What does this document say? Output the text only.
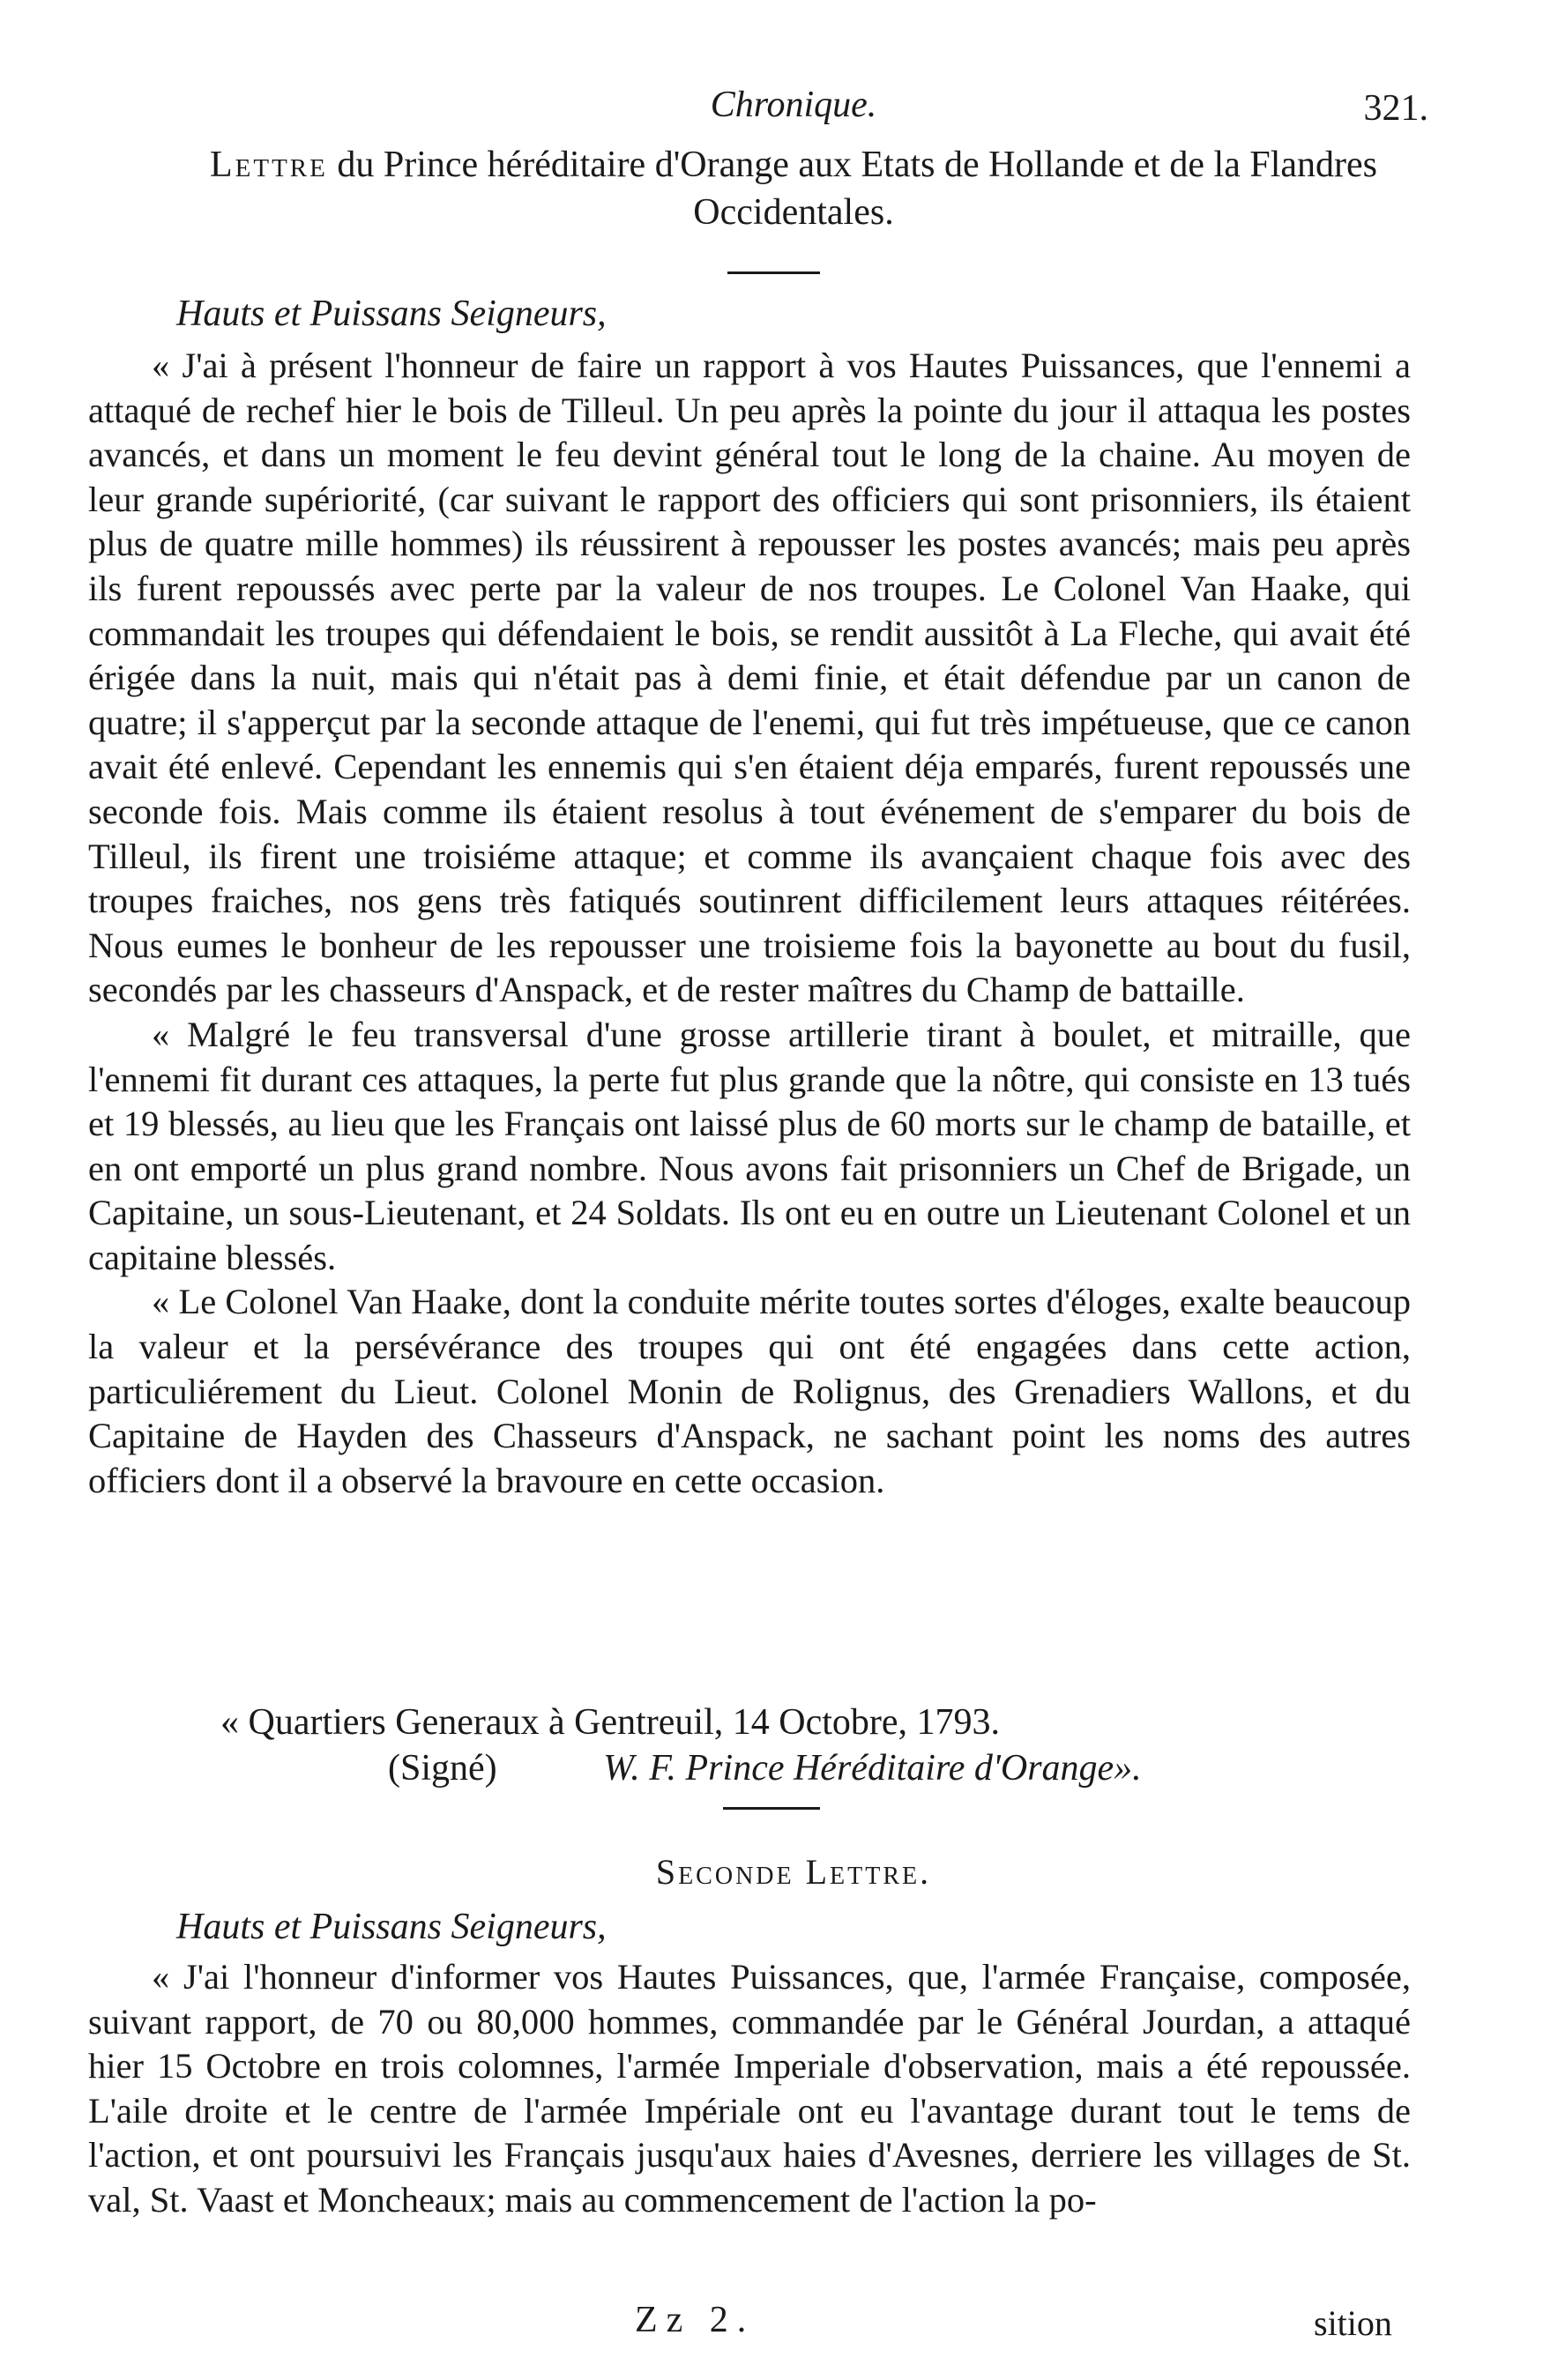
Chronique.	321.
Lettre du Prince héréditaire d'Orange aux Etats de Hollande et de la Flandres Occidentales.
Hauts et Puissans Seigneurs,

« J'ai à présent l'honneur de faire un rapport à vos Hautes Puissances, que l'ennemi a attaqué de rechef hier le bois de Tilleul. Un peu après la pointe du jour il attaqua les postes avancés, et dans un moment le feu devint général tout le long de la chaine. Au moyen de leur grande supériorité, (car suivant le rapport des officiers qui sont prisonniers, ils étaient plus de quatre mille hommes) ils réussirent à repousser les postes avancés; mais peu après ils furent repoussés avec perte par la valeur de nos troupes. Le Colonel Van Haake, qui commandait les troupes qui défendaient le bois, se rendit aussitôt à La Fleche, qui avait été érigée dans la nuit, mais qui n'était pas à demi finie, et était défendue par un canon de quatre; il s'apperçut par la seconde attaque de l'enemi, qui fut très impétueuse, que ce canon avait été enlevé. Cependant les ennemis qui s'en étaient déja emparés, furent repoussés une seconde fois. Mais comme ils étaient resolus à tout événement de s'emparer du bois de Tilleul, ils firent une troisiéme attaque; et comme ils avançaient chaque fois avec des troupes fraiches, nos gens très fatiqués soutinrent difficilement leurs attaques réitérées. Nous eumes le bonheur de les repousser une troisieme fois la bayonette au bout du fusil, secondés par les chasseurs d'Anspack, et de rester maîtres du Champ de battaille.

« Malgré le feu transversal d'une grosse artillerie tirant à boulet, et mitraille, que l'ennemi fit durant ces attaques, la perte fut plus grande que la nôtre, qui consiste en 13 tués et 19 blessés, au lieu que les Français ont laissé plus de 60 morts sur le champ de bataille, et en ont emporté un plus grand nombre. Nous avons fait prisonniers un Chef de Brigade, un Capitaine, un sous-Lieutenant, et 24 Soldats. Ils ont eu en outre un Lieutenant Colonel et un capitaine blessés.

« Le Colonel Van Haake, dont la conduite mérite toutes sortes d'éloges, exalte beaucoup la valeur et la persévérance des troupes qui ont été engagées dans cette action, particuliérement du Lieut. Colonel Monin de Rolignus, des Grenadiers Wallons, et du Capitaine de Hayden des Chasseurs d'Anspack, ne sachant point les noms des autres officiers dont il a observé la bravoure en cette occasion.

« Quartiers Generaux à Gentreuil, 14 Octobre, 1793.
(Signé)	W. F. Prince Héréditaire d'Orange».
Seconde Lettre.
Hauts et Puissans Seigneurs,

« J'ai l'honneur d'informer vos Hautes Puissances, que, l'armée Française, composée, suivant rapport, de 70 ou 80,000 hommes, commandée par le Général Jourdan, a attaqué hier 15 Octobre en trois colomnes, l'armée Imperiale d'observation, mais a été repoussée. L'aile droite et le centre de l'armée Impériale ont eu l'avantage durant tout le tems de l'action, et ont poursuivi les Français jusqu'aux haies d'Avesnes, derriere les villages de St. val, St. Vaast et Moncheaux; mais au commencement de l'action la po-

Zz 2.	sition
